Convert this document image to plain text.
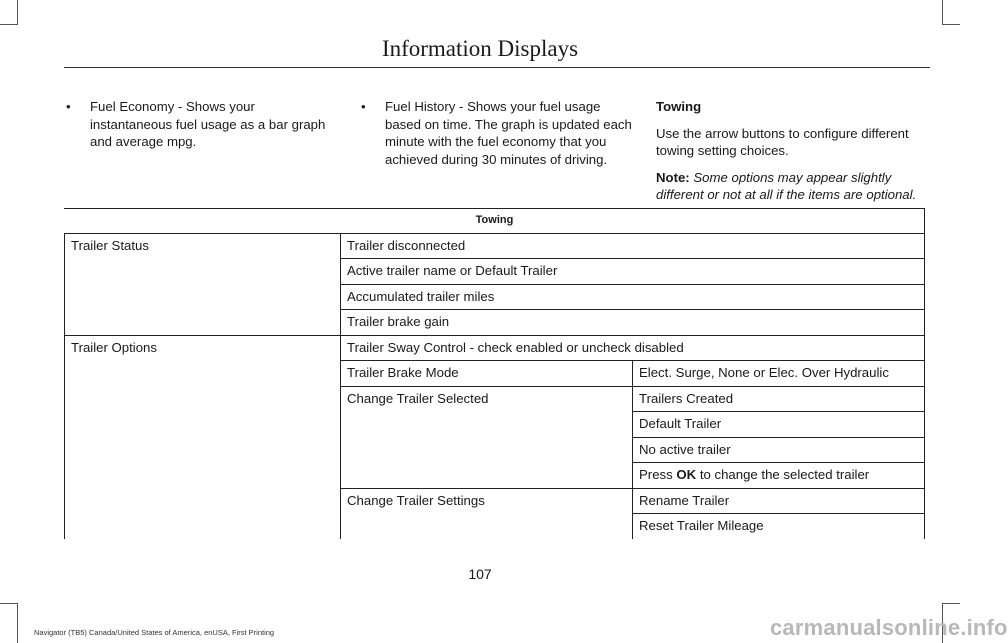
Information Displays
•	Fuel Economy - Shows your instantaneous fuel usage as a bar graph and average mpg.
•	Fuel History - Shows your fuel usage based on time. The graph is updated each minute with the fuel economy that you achieved during 30 minutes of driving.

Towing

Use the arrow buttons to configure different towing setting choices.

Note: Some options may appear slightly different or not at all if the items are optional.

Towing
Trailer Status	Trailer disconnected
Active trailer name or Default Trailer
Accumulated trailer miles
Trailer brake gain
Trailer Options	Trailer Sway Control - check enabled or uncheck disabled
Trailer Brake Mode	Elect. Surge, None or Elec. Over Hydraulic
Change Trailer Selected	Trailers Created
Default Trailer
No active trailer
Press OK to change the selected trailer
Change Trailer Settings	Rename Trailer
Reset Trailer Mileage
107
Navigator (TB5) Canada/United States of America, enUSA, First Printing	carmanualsonline.info
